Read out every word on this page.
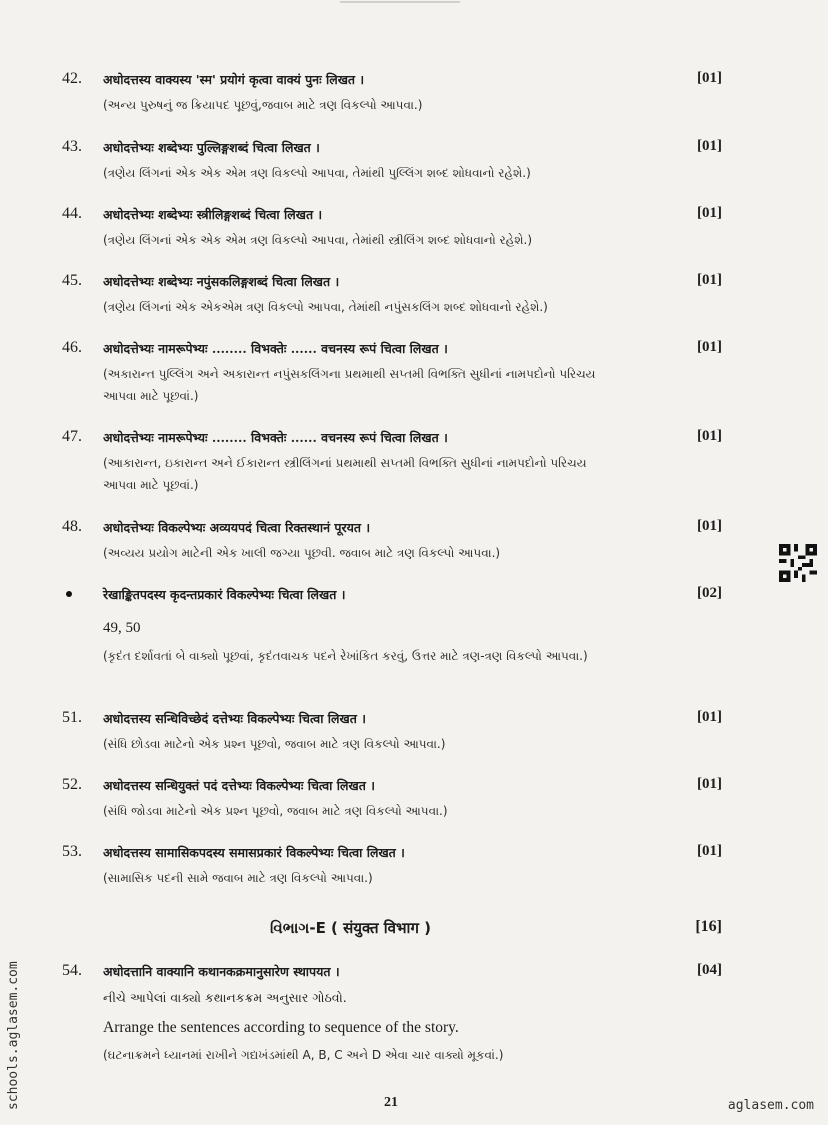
42. अधोदत्तस्य वाक्यस्य 'स्म' प्रयोगं कृत्वा वाक्यं पुनः लिखत ।	[01]
(અન્ય પુરુષનું જ ક્રિયાપદ પૂછવું,જવાબ માટે ત્રણ વિકલ્પો આપવા.)
43. अधोदत्तेभ्यः शब्देभ्यः पुल्लिङ्गशब्दं चित्वा लिखत ।	[01]
(ત્રણેય લિંગનાં એક એક એમ ત્રણ વિકલ્પો આપવા, તેમાંથી પુલ્લિંગ શબ્દ શોધવાનો રહેશે.)
44. अधोदत्तेभ्यः शब्देभ्यः स्त्रीलिङ्गशब्दं चित्वा लिखत ।	[01]
(ત્રણેય લિંગનાં એક એક એમ ત્રણ વિકલ્પો આપવા, તેમાંથી સ્ત્રીલિંગ શબ્દ શોધવાનો રહેશે.)
45. अधोदत्तेभ्यः शब्देभ्यः नपुंसकलिङ्गशब्दं चित्वा लिखत ।	[01]
(ત્રણેય લિંગનાં એક એકએમ ત્રણ વિકલ્પો આપવા, તેમાંથી નપુંસકલિંગ શબ્દ શોધવાનો રહેશે.)
46. अधोदत्तेभ्यः नामरूपेभ्यः ........ विभक्तेः ...... वचनस्य रूपं चित्वा लिखत ।	[01]
(અકારાન્ત પુલ્લિંગ અને અકારાન્ત નપુંસકલિંગના પ્રથમાથી સપ્તમી વિભક્તિ સુધીનાં નામપદોનો પરિચય આપવા માટે પૂછવાં.)
47. अधोदत्तेभ्यः नामरूपेभ्यः ........ विभक्तेः ...... वचनस्य रूपं चित्वा लिखत ।	[01]
(આકારાન્ત, ઇકારાન્ત અને ઈકારાન્ત સ્ત્રીલિંગનાં પ્રથમાથી સપ્તમી વિભક્તિ સુધીનાં નામપદોનો પરિચય આપવા માટે પૂછવાં.)
48. अधोदत्तेभ्यः विकल्पेभ्यः अव्ययपदं चित्वा रिक्तस्थानं पूरयत ।	[01]
(અવ્યય પ્રયોગ માટેની એક ખાલી જગ્યા પૂછવી. જવાબ માટે ત્રણ વિકલ્પો આપવા.)
रेखाङ्कितपदस्य कृदन्तप्रकारं विकल्पेभ्यः चित्वा लिखत ।	[02]
49, 50
(કૃદંત દર્શાવતાં બે વાક્યો પૂછવાં, કૃદંતવાચક પદને રેખાંકિત કરવું, ઉત્તર માટે ત્રણ-ત્રણ વિકલ્પો આપવા.)
51. अधोदत्तस्य सन्धिविच्छेदं दत्तेभ्यः विकल्पेभ्यः चित्वा लिखत ।	[01]
(સંધિ છોડવા માટેનો એક પ્રશ્ન પૂછવો, જવાબ માટે ત્રણ વિકલ્પો આપવા.)
52. अधोदत्तस्य सन्धियुक्तं पदं दत्तेभ्यः विकल्पेभ्यः चित्वा लिखत ।	[01]
(સંધિ જોડવા માટેનો એક પ્રશ્ન પૂછવો, જવાબ માટે ત્રણ વિકલ્પો આપવા.)
53. अधोदत्तस्य सामासिकपदस्य समासप्रकारं विकल्पेभ्यः चित्वा लिखत ।	[01]
(સામાસિક પદની સામે જવાબ માટે ત્રણ વિકલ્પો આપવા.)
વિભાગ-E ( संयुक्त विभाग )	[16]
54. अधोदत्तानि वाक्यानि कथानकक्रमानुसारेण स्थापयत ।	[04]
નીચે આપેલાં વાક્યો કથાનકક્રમ અનુસાર ગોઠવો.
Arrange the sentences according to sequence of the story.
(ઘટનાક્રમને ધ્યાનમાં રાખીને ગદ્યખંડમાંથી A, B, C અને D એવા ચાર વાક્યો મૂકવાં.)
21
schools.aglasem.com	aglasem.com
